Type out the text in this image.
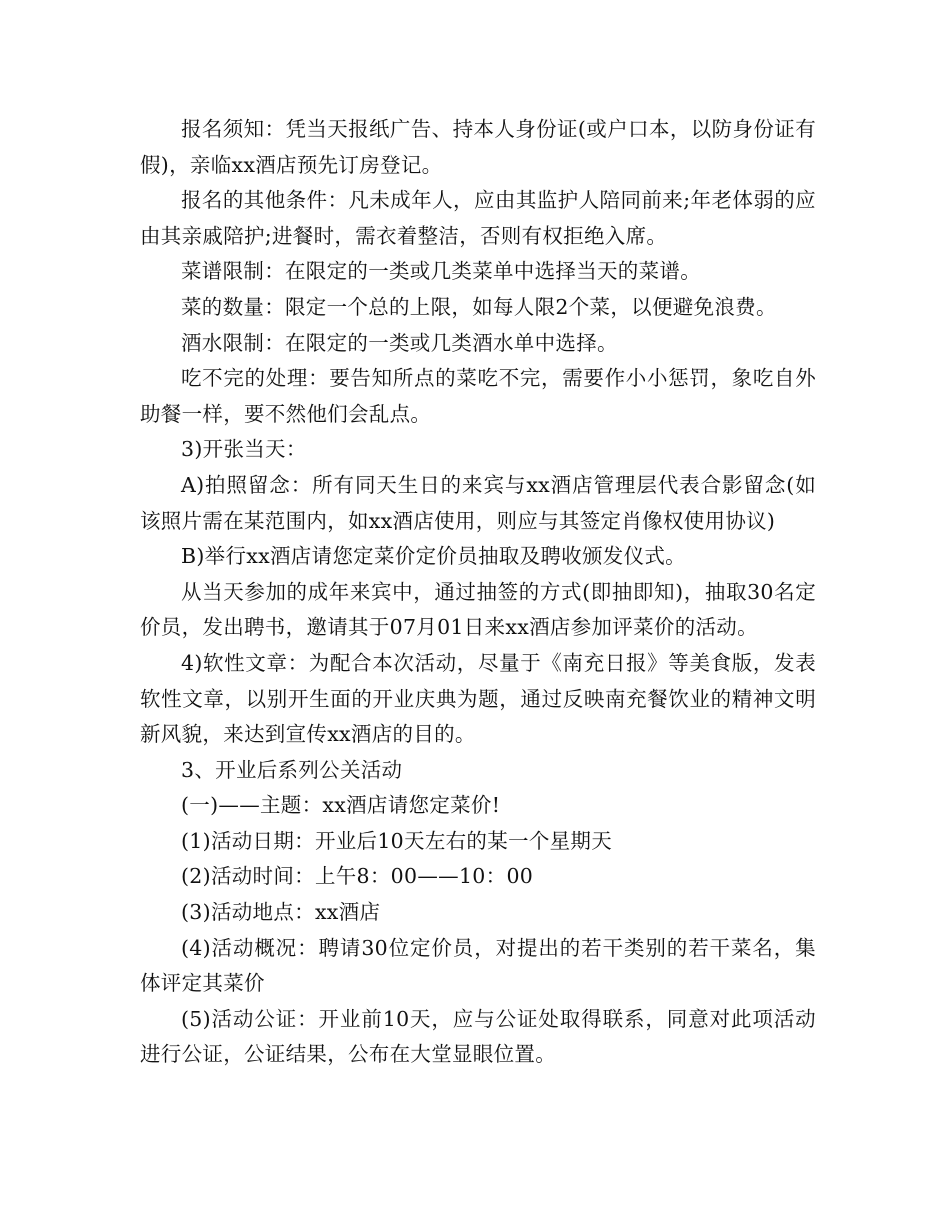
报名须知：凭当天报纸广告、持本人身份证(或户口本，以防身份证有假)，亲临xx酒店预先订房登记。

报名的其他条件：凡未成年人，应由其监护人陪同前来;年老体弱的应由其亲戚陪护;进餐时，需衣着整洁，否则有权拒绝入席。

菜谱限制：在限定的一类或几类菜单中选择当天的菜谱。

菜的数量：限定一个总的上限，如每人限2个菜，以便避免浪费。

酒水限制：在限定的一类或几类酒水单中选择。

吃不完的处理：要告知所点的菜吃不完，需要作小小惩罚，象吃自外助餐一样，要不然他们会乱点。

3)开张当天：

A)拍照留念：所有同天生日的来宾与xx酒店管理层代表合影留念(如该照片需在某范围内，如xx酒店使用，则应与其签定肖像权使用协议)

B)举行xx酒店请您定菜价定价员抽取及聘收颁发仪式。

从当天参加的成年来宾中，通过抽签的方式(即抽即知)，抽取30名定价员，发出聘书，邀请其于07月01日来xx酒店参加评菜价的活动。

4)软性文章：为配合本次活动，尽量于《南充日报》等美食版，发表软性文章，以别开生面的开业庆典为题，通过反映南充餐饮业的精神文明新风貌，来达到宣传xx酒店的目的。

3、开业后系列公关活动

(一)——主题：xx酒店请您定菜价!

(1)活动日期：开业后10天左右的某一个星期天

(2)活动时间：上午8：00——10：00

(3)活动地点：xx酒店

(4)活动概况：聘请30位定价员，对提出的若干类别的若干菜名，集体评定其菜价

(5)活动公证：开业前10天，应与公证处取得联系，同意对此项活动进行公证，公证结果，公布在大堂显眼位置。
